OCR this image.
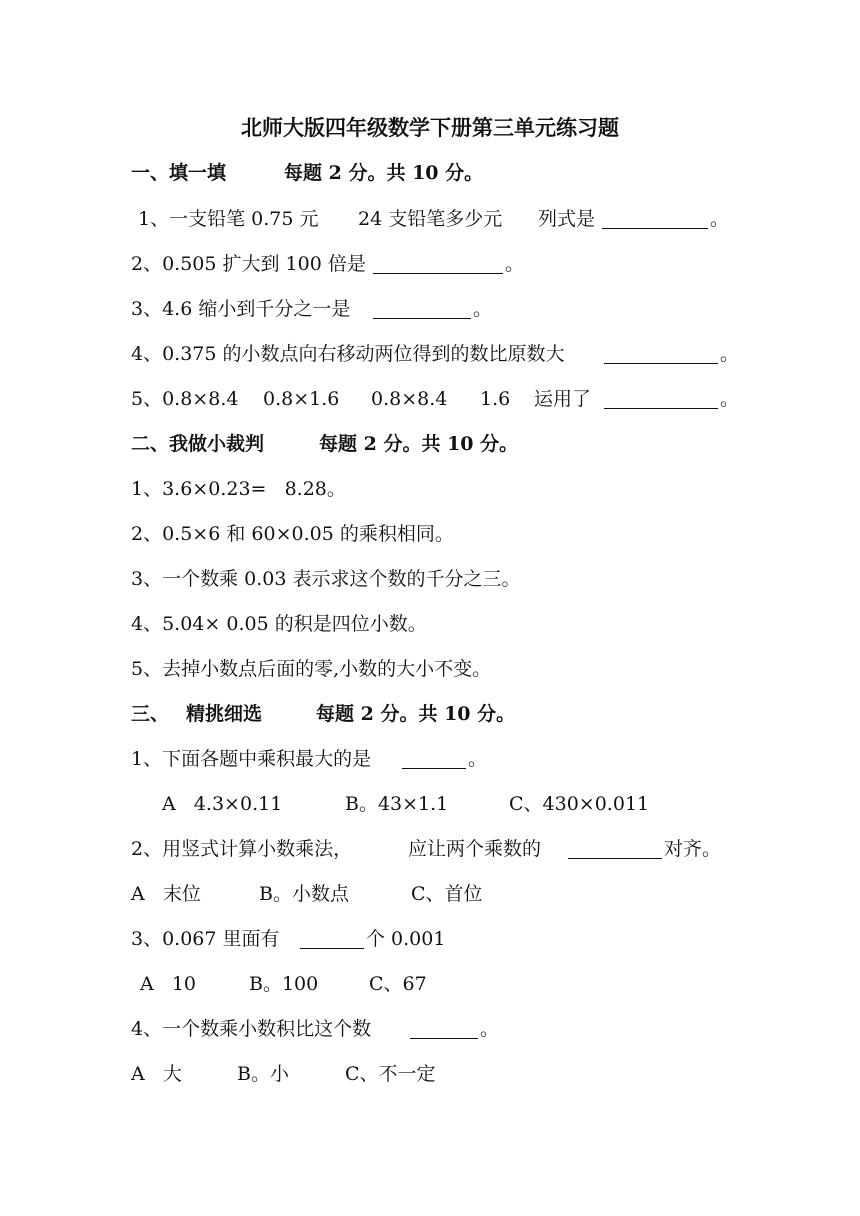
北师大版四年级数学下册第三单元练习题

一、填一填

	每题 2 分。共 10 分。

1、一支铅笔 0.75 元

24 支铅笔多少元

列式是

	。

2、0.505 扩大到 100 倍是

	。

3、4.6 缩小到千分之一是

	。

4、0.375 的小数点向右移动两位得到的数比原数大

	。

5、0.8×8.4

0.8×1.6

0.8×8.4

1.6

运用了

	。

二、我做小裁判

	每题 2 分。共 10 分。

1、3.6×0.23=   8.28。

2、0.5×6 和 60×0.05 的乘积相同。

3、一个数乘 0.03 表示求这个数的千分之三。

4、5.04× 0.05 的积是四位小数。

5、去掉小数点后面的零,小数的大小不变。

三、

精挑细选

	每题 2 分。共 10 分。

1、下面各题中乘积最大的是

	。

A   4.3×0.11

	B。43×1.1

	C、430×0.011

2、用竖式计算小数乘法，

	应让两个乘数的

	对齐。

A   末位

	B。小数点

	C、首位

3、0.067 里面有

	个 0.001

A   10

	B。100

	C、67

4、一个数乘小数积比这个数

	。

A   大

	B。小

	C、不一定
